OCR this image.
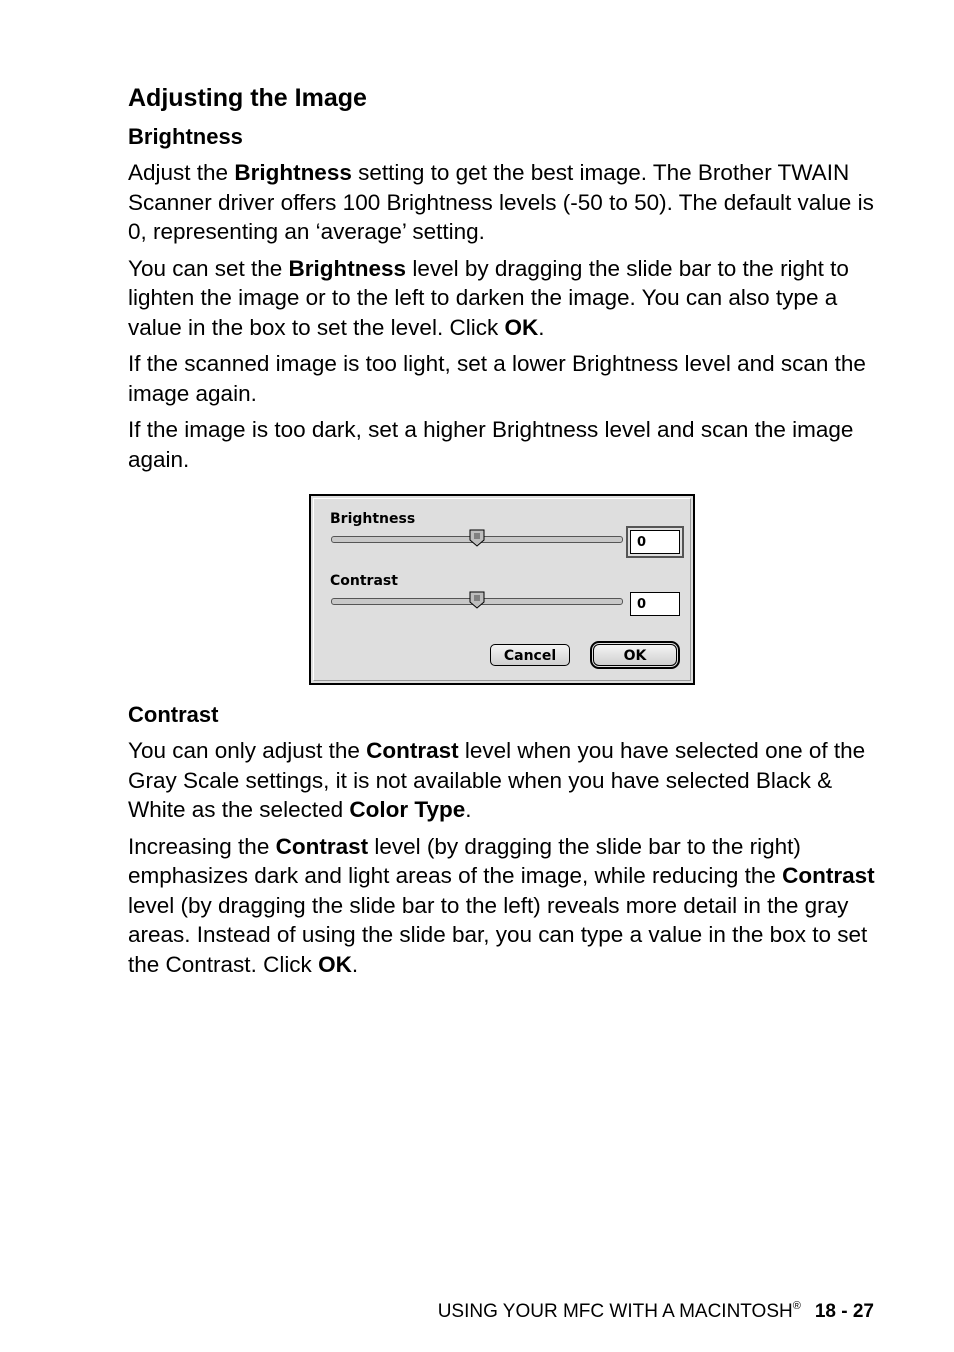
Adjusting the Image
Brightness

Adjust the Brightness setting to get the best image. The Brother TWAIN Scanner driver offers 100 Brightness levels (-50 to 50). The default value is 0, representing an ‘average’ setting.

You can set the Brightness level by dragging the slide bar to the right to lighten the image or to the left to darken the image. You can also type a value in the box to set the level. Click OK.

If the scanned image is too light, set a lower Brightness level and scan the image again.

If the image is too dark, set a higher Brightness level and scan the image again.

Contrast

You can only adjust the Contrast level when you have selected one of the Gray Scale settings, it is not available when you have selected Black & White as the selected Color Type.

Increasing the Contrast level (by dragging the slide bar to the right) emphasizes dark and light areas of the image, while reducing the Contrast level (by dragging the slide bar to the left) reveals more detail in the gray areas. Instead of using the slide bar, you can type a value in the box to set the Contrast. Click OK.

Brightness
0
Contrast
0
Cancel	OK
USING YOUR MFC WITH A MACINTOSH® 18 - 27
